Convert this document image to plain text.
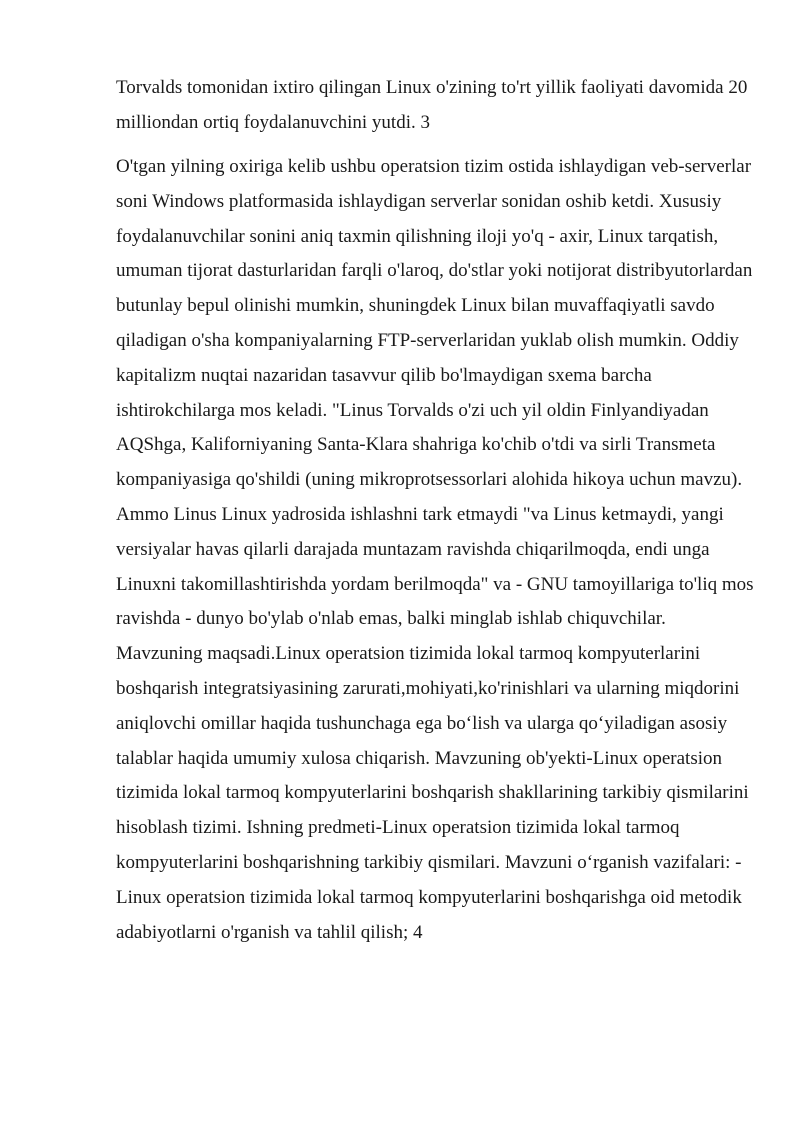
Torvalds tomonidan ixtiro qilingan Linux o'zining to'rt yillik faoliyati davomida 20 milliondan ortiq foydalanuvchini yutdi. 3

O'tgan yilning oxiriga kelib ushbu operatsion tizim ostida ishlaydigan veb-serverlar soni Windows platformasida ishlaydigan serverlar sonidan oshib ketdi. Xususiy foydalanuvchilar sonini aniq taxmin qilishning iloji yo'q - axir, Linux tarqatish, umuman tijorat dasturlaridan farqli o'laroq, do'stlar yoki notijorat distribyutorlardan butunlay bepul olinishi mumkin, shuningdek Linux bilan muvaffaqiyatli savdo qiladigan o'sha kompaniyalarning FTP-serverlaridan yuklab olish mumkin. Oddiy kapitalizm nuqtai nazaridan tasavvur qilib bo'lmaydigan sxema barcha ishtirokchilarga mos keladi. "Linus Torvalds o'zi uch yil oldin Finlyandiyadan AQShga, Kaliforniyaning Santa-Klara shahriga ko'chib o'tdi va sirli Transmeta kompaniyasiga qo'shildi (uning mikroprotsessorlari alohida hikoya uchun mavzu). Ammo Linus Linux yadrosida ishlashni tark etmaydi "va Linus ketmaydi, yangi versiyalar havas qilarli darajada muntazam ravishda chiqarilmoqda, endi unga Linuxni takomillashtirishda yordam berilmoqda" va - GNU tamoyillariga to'liq mos ravishda - dunyo bo'ylab o'nlab emas, balki minglab ishlab chiquvchilar. Mavzuning maqsadi.Linux operatsion tizimida lokal tarmoq kompyuterlarini boshqarish integratsiyasining zarurati,mohiyati,ko'rinishlari va ularning miqdorini aniqlovchi omillar haqida tushunchaga ega bo‘lish va ularga qo‘yiladigan asosiy talablar haqida umumiy xulosa chiqarish. Mavzuning ob'yekti-Linux operatsion tizimida lokal tarmoq kompyuterlarini boshqarish shakllarining tarkibiy qismilarini hisoblash tizimi. Ishning predmeti-Linux operatsion tizimida lokal tarmoq kompyuterlarini boshqarishning tarkibiy qismilari. Mavzuni o‘rganish vazifalari: -Linux operatsion tizimida lokal tarmoq kompyuterlarini boshqarishga oid metodik adabiyotlarni o'rganish va tahlil qilish; 4
